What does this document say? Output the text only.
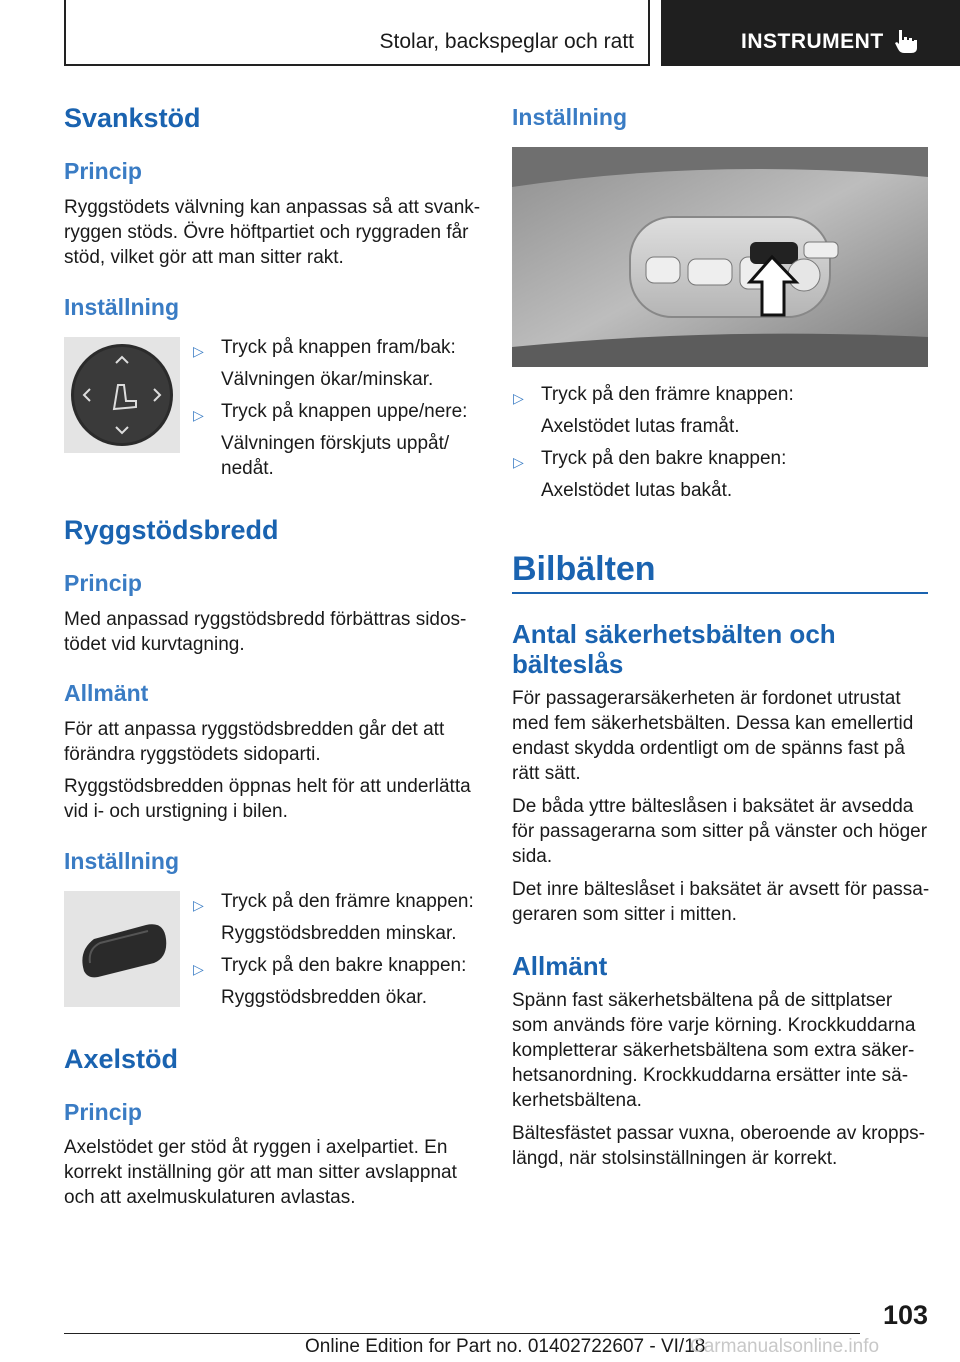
Stolar, backspeglar och ratt	INSTRUMENT
Svankstöd
Princip
Ryggstödets välvning kan anpassas så att svank-
ryggen stöds. Övre höftpartiet och ryggraden får
stöd, vilket gör att man sitter rakt.
Inställning
▷ Tryck på knappen fram/bak:
Välvningen ökar/minskar.
▷ Tryck på knappen uppe/nere:
Välvningen förskjuts uppåt/
nedåt.
Ryggstödsbredd
Princip
Med anpassad ryggstödsbredd förbättras sidos-
tödet vid kurvtagning.
Allmänt
För att anpassa ryggstödsbredden går det att
förändra ryggstödets sidoparti.
Ryggstödsbredden öppnas helt för att underlätta
vid i- och urstigning i bilen.
Inställning
▷ Tryck på den främre knappen:
Ryggstödsbredden minskar.
▷ Tryck på den bakre knappen:
Ryggstödsbredden ökar.
Axelstöd
Princip
Axelstödet ger stöd åt ryggen i axelpartiet. En
korrekt inställning gör att man sitter avslappnat
och att axelmuskulaturen avlastas.
Inställning
▷ Tryck på den främre knappen:
Axelstödet lutas framåt.
▷ Tryck på den bakre knappen:
Axelstödet lutas bakåt.
Bilbälten
Antal säkerhetsbälten och
bälteslås
För passagerarsäkerheten är fordonet utrustat
med fem säkerhetsbälten. Dessa kan emellertid
endast skydda ordentligt om de spänns fast på
rätt sätt.
De båda yttre bälteslåsen i baksätet är avsedda
för passagerarna som sitter på vänster och höger
sida.
Det inre bälteslåset i baksätet är avsett för passa-
geraren som sitter i mitten.
Allmänt
Spänn fast säkerhetsbältena på de sittplatser
som används före varje körning. Krockkuddarna
kompletterar säkerhetsbältena som extra säker-
hetsanordning. Krockkuddarna ersätter inte sä-
kerhetsbältena.
Bältesfästet passar vuxna, oberoende av kropps-
längd, när stolsinställningen är korrekt.
103
Online Edition for Part no. 01402722607 - VI/18
Carmanualsonline.info
